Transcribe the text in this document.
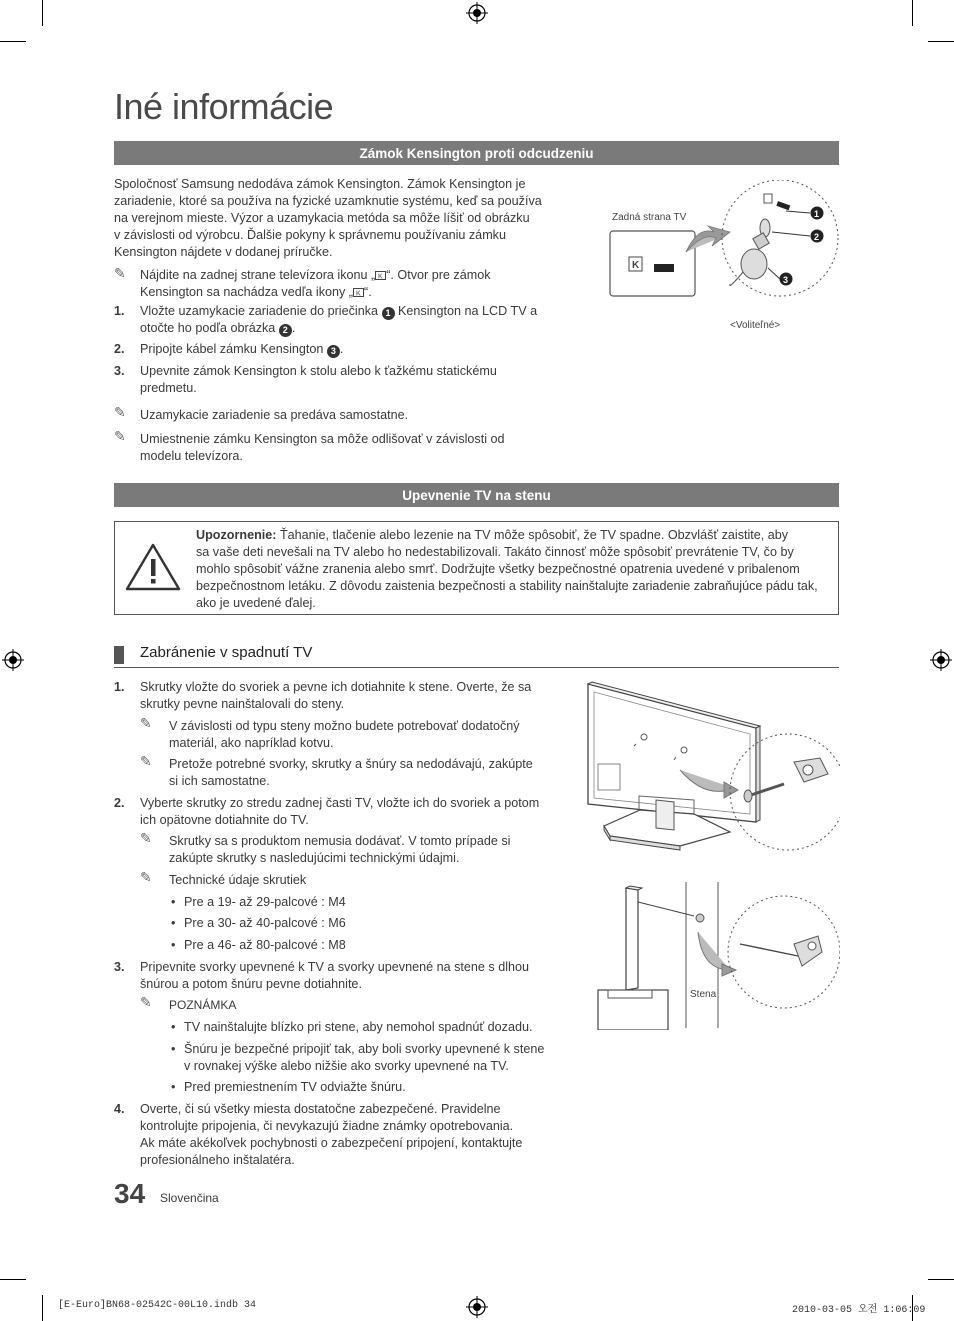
Iné informácie
Zámok Kensington proti odcudzeniu
Spoločnosť Samsung nedodáva zámok Kensington. Zámok Kensington je
zariadenie, ktoré sa používa na fyzické uzamknutie systému, keď sa používa
na verejnom mieste. Výzor a uzamykacia metóda sa môže líšiť od obrázku
v závislosti od výrobcu. Ďalšie pokyny k správnemu používaniu zámku
Kensington nájdete v dodanej príručke.
✎ Nájdite na zadnej strane televízora ikonu „ K “. Otvor pre zámok
Kensington sa nachádza vedľa ikony „ K “.
1. Vložte uzamykacie zariadenie do priečinka 1 Kensington na LCD TV a
otočte ho podľa obrázka 2 .
2. Pripojte kábel zámku Kensington 3 .
3. Upevnite zámok Kensington k stolu alebo k ťažkému statickému
predmetu.
✎ Uzamykacie zariadenie sa predáva samostatne.
✎ Umiestnenie zámku Kensington sa môže odlišovať v závislosti od
modelu televízora.
Zadná strana TV
K
1
2
3
<Voliteľné>
Upevnenie TV na stenu
Upozornenie: Ťahanie, tlačenie alebo lezenie na TV môže spôsobiť, že TV spadne. Obzvlášť zaistite, aby
sa vaše deti nevešali na TV alebo ho nedestabilizovali. Takáto činnosť môže spôsobiť prevrátenie TV, čo by
mohlo spôsobiť vážne zranenia alebo smrť. Dodržujte všetky bezpečnostné opatrenia uvedené v pribalenom
bezpečnostnom letáku. Z dôvodu zaistenia bezpečnosti a stability nainštalujte zariadenie zabraňujúce pádu tak,
ako je uvedené ďalej.
Zabránenie v spadnutí TV
1. Skrutky vložte do svoriek a pevne ich dotiahnite k stene. Overte, že sa
skrutky pevne nainštalovali do steny.
✎ V závislosti od typu steny možno budete potrebovať dodatočný
materiál, ako napríklad kotvu.
✎ Pretože potrebné svorky, skrutky a šnúry sa nedodávajú, zakúpte
si ich samostatne.
2. Vyberte skrutky zo stredu zadnej časti TV, vložte ich do svoriek a potom
ich opätovne dotiahnite do TV.
✎ Skrutky sa s produktom nemusia dodávať. V tomto prípade si
zakúpte skrutky s nasledujúcimi technickými údajmi.
✎ Technické údaje skrutiek
• Pre a 19- až 29-palcové : M4
• Pre a 30- až 40-palcové : M6
• Pre a 46- až 80-palcové : M8
3. Pripevnite svorky upevnené k TV a svorky upevnené na stene s dlhou
šnúrou a potom šnúru pevne dotiahnite.
✎ POZNÁMKA
• TV nainštalujte blízko pri stene, aby nemohol spadnúť dozadu.
• Šnúru je bezpečné pripojiť tak, aby boli svorky upevnené k stene
v rovnakej výške alebo nižšie ako svorky upevnené na TV.
• Pred premiestnením TV odviažte šnúru.
4. Overte, či sú všetky miesta dostatočne zabezpečené. Pravidelne
kontrolujte pripojenia, či nevykazujú žiadne známky opotrebovania.
Ak máte akékoľvek pochybnosti o zabezpečení pripojení, kontaktujte
profesionálneho inštalatéra.
Stena
34 Slovenčina
[E-Euro]BN68-02542C-00L10.indb 34	2010-03-05 오전 1:06:09
